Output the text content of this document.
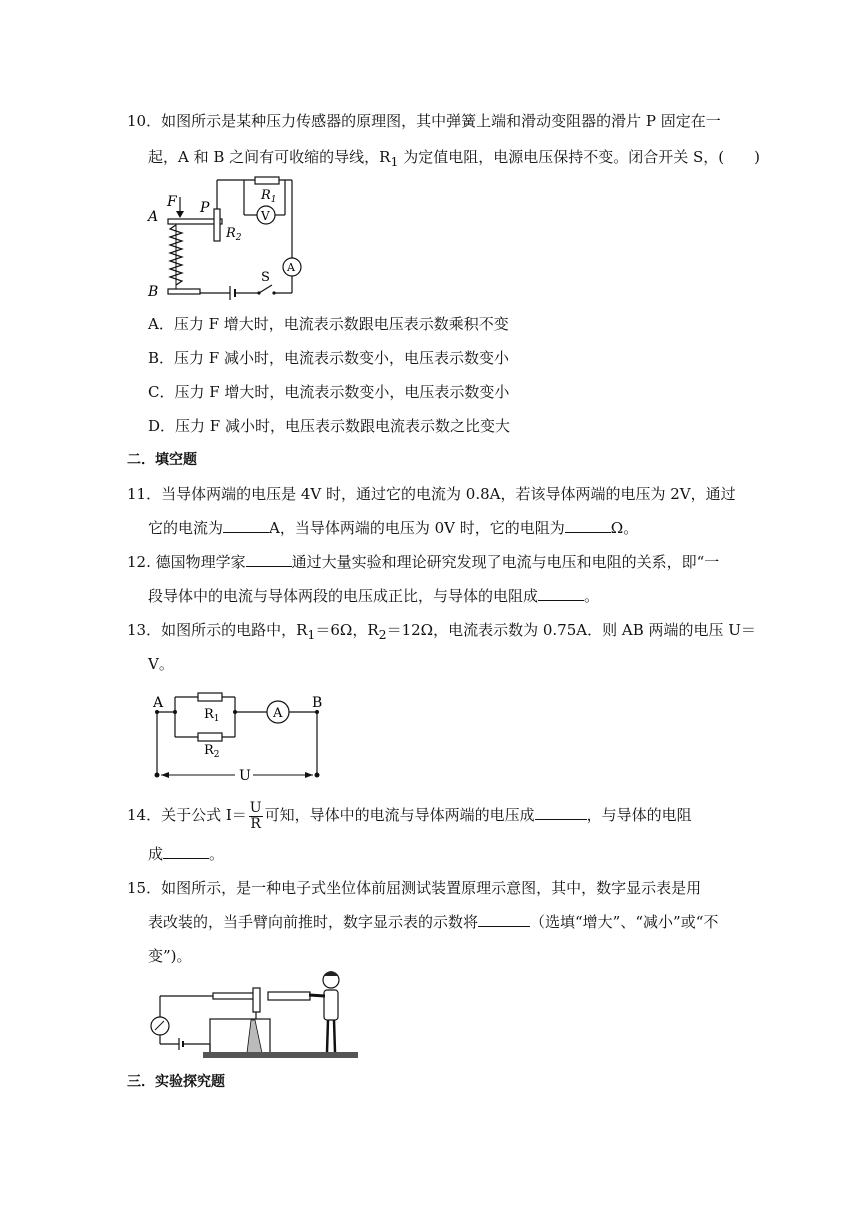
10．如图所示是某种压力传感器的原理图，其中弹簧上端和滑动变阻器的滑片 P 固定在一
起，A 和 B 之间有可收缩的导线，$R_1$ 为定值电阻，电源电压保持不变。闭合开关 S，(　　)
A
B
F P
$R_2$
$R_1$
V
A
S
A．压力 F 增大时，电流表示数跟电压表示数乘积不变
B．压力 F 减小时，电流表示数变小，电压表示数变小
C．压力 F 增大时，电流表示数变小，电压表示数变小
D．压力 F 减小时，电压表示数跟电流表示数之比变大
二．填空题
11．当导体两端的电压是 4V 时，通过它的电流为 0.8A，若该导体两端的电压为 2V，通过
它的电流为	A，当导体两端的电压为 0V 时，它的电阻为	Ω。
12. 德国物理学家	通过大量实验和理论研究发现了电流与电压和电阻的关系，即“一
段导体中的电流与导体两段的电压成正比，与导体的电阻成	。
13．如图所示的电路中，$R_1=6\Omega$，$R_2=12\Omega$，电流表示数为 0.75A．则 AB 两端的电压 U＝
V。
A	B
$R_1$
$R_2$
A
U
14．关于公式 $I= \frac{U}{R}$ 可知，导体中的电流与导体两端的电压成	，与导体的电阻
成	。
15．如图所示，是一种电子式坐位体前屈测试装置原理示意图，其中，数字显示表是用
表改装的，当手臂向前推时，数字显示表的示数将	（选填“增大”、“减小”或“不
变”)。
三．实验探究题
